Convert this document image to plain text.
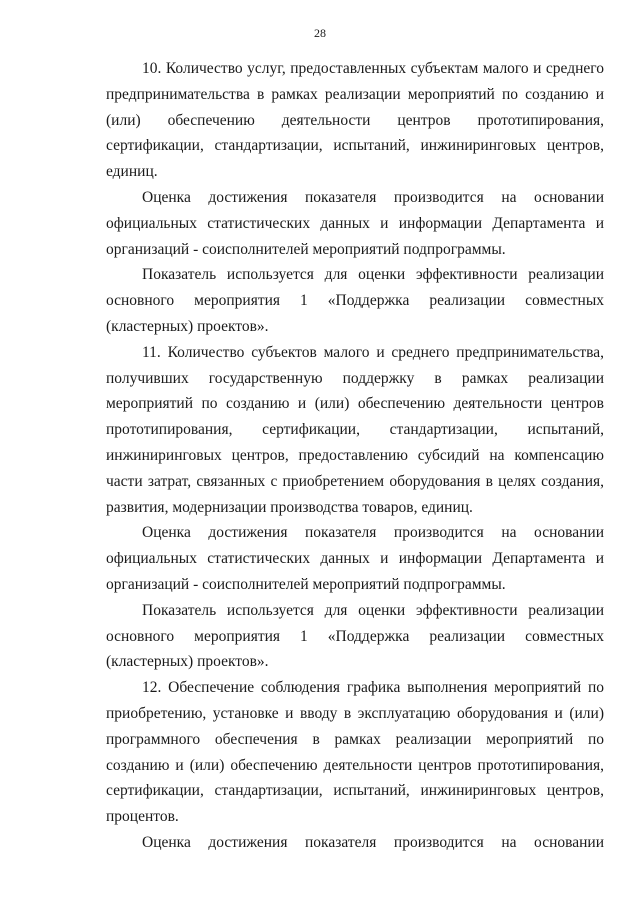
28

10. Количество услуг, предоставленных субъектам малого и среднего предпринимательства в рамках реализации мероприятий по созданию и (или) обеспечению деятельности центров прототипирования, сертификации, стандартизации, испытаний, инжиниринговых центров, единиц.

Оценка достижения показателя производится на основании официальных статистических данных и информации Департамента и организаций - соисполнителей мероприятий подпрограммы.

Показатель используется для оценки эффективности реализации основного мероприятия 1 «Поддержка реализации совместных (кластерных) проектов».

11. Количество субъектов малого и среднего предпринимательства, получивших государственную поддержку в рамках реализации мероприятий по созданию и (или) обеспечению деятельности центров прототипирования, сертификации, стандартизации, испытаний, инжиниринговых центров, предоставлению субсидий на компенсацию части затрат, связанных с приобретением оборудования в целях создания, развития, модернизации производства товаров, единиц.

Оценка достижения показателя производится на основании официальных статистических данных и информации Департамента и организаций - соисполнителей мероприятий подпрограммы.

Показатель используется для оценки эффективности реализации основного мероприятия 1 «Поддержка реализации совместных (кластерных) проектов».

12. Обеспечение соблюдения графика выполнения мероприятий по приобретению, установке и вводу в эксплуатацию оборудования и (или) программного обеспечения в рамках реализации мероприятий по созданию и (или) обеспечению деятельности центров прототипирования, сертификации, стандартизации, испытаний, инжиниринговых центров, процентов.

Оценка достижения показателя производится на основании
